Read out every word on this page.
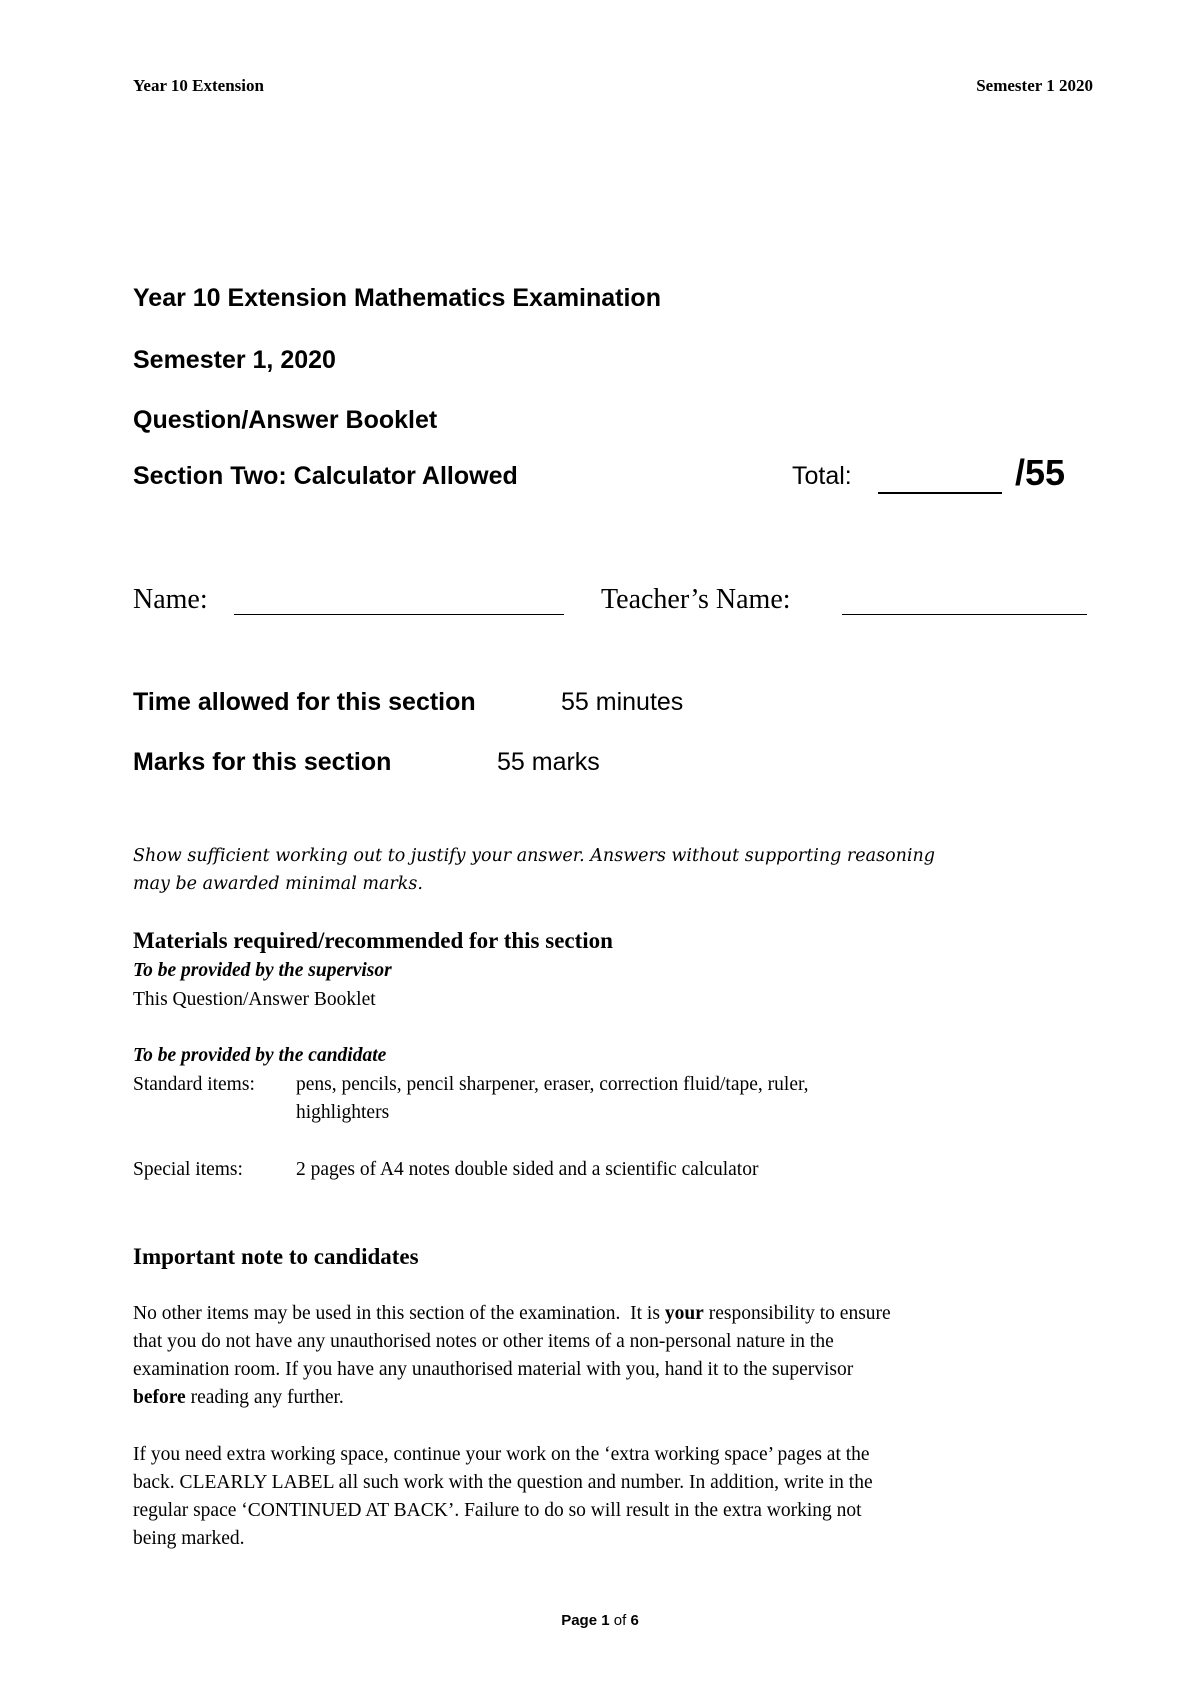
Year 10 Extension	Semester 1 2020
Year 10 Extension Mathematics Examination
Semester 1, 2020
Question/Answer Booklet
Section Two: Calculator Allowed	Total:	/55
Name:	Teacher’s Name:
Time allowed for this section	55 minutes
Marks for this section	55 marks
Show sufficient working out to justify your answer. Answers without supporting reasoning
may be awarded minimal marks.
Materials required/recommended for this section
To be provided by the supervisor
This Question/Answer Booklet
To be provided by the candidate
Standard items: pens, pencils, pencil sharpener, eraser, correction fluid/tape, ruler,
highlighters
Special items:	2 pages of A4 notes double sided and a scientific calculator
Important note to candidates
No other items may be used in this section of the examination.  It is your responsibility to ensure
that you do not have any unauthorised notes or other items of a non-personal nature in the
examination room. If you have any unauthorised material with you, hand it to the supervisor
before reading any further.
If you need extra working space, continue your work on the ‘extra working space’ pages at the
back. CLEARLY LABEL all such work with the question and number. In addition, write in the
regular space ‘CONTINUED AT BACK’. Failure to do so will result in the extra working not
being marked.
Page 1 of 6
